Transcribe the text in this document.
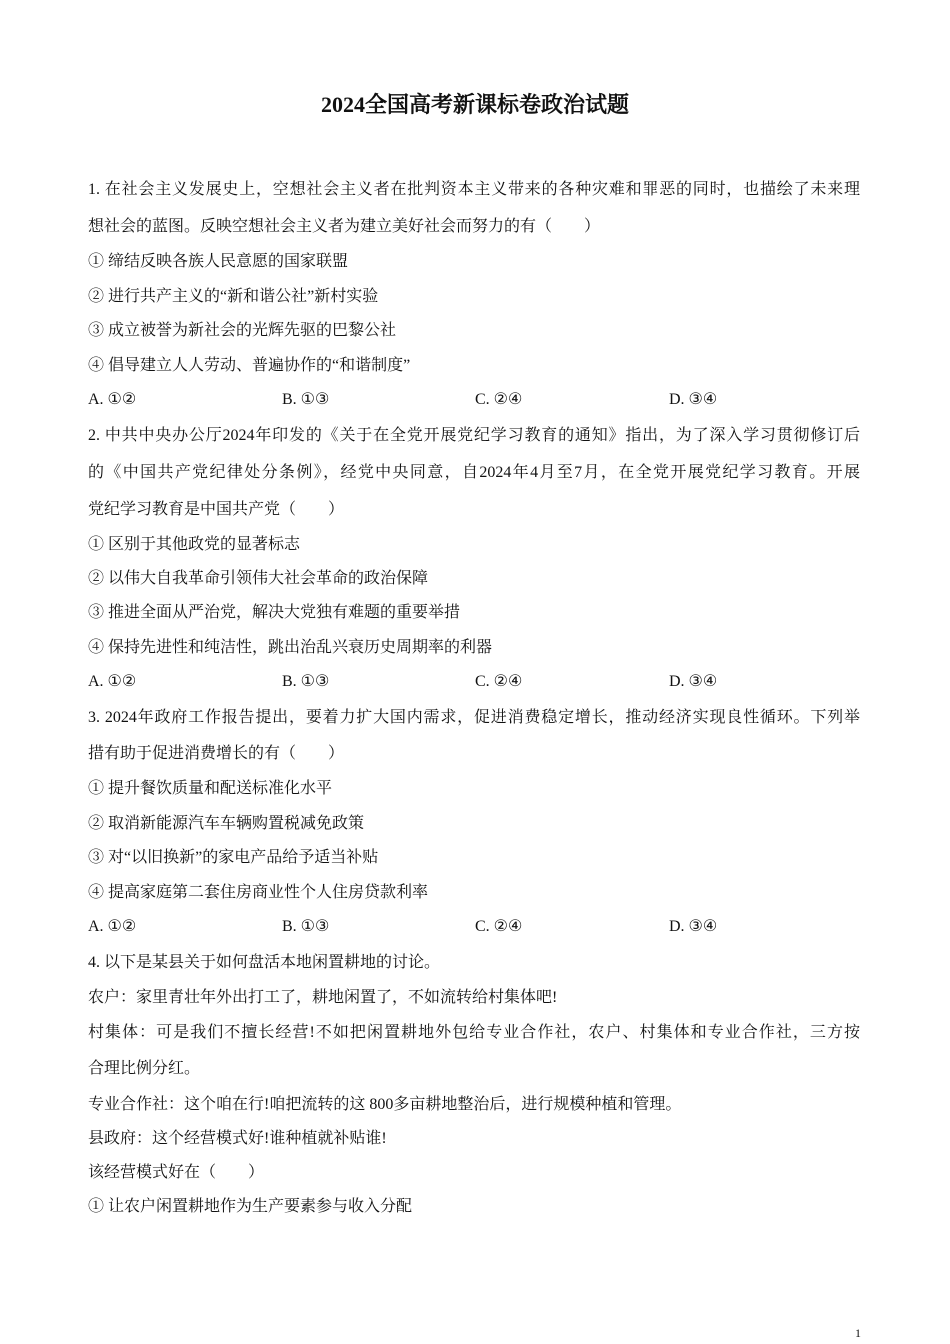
2024全国高考新课标卷政治试题
1. 在社会主义发展史上，空想社会主义者在批判资本主义带来的各种灾难和罪恶的同时，也描绘了未来理
想社会的蓝图。反映空想社会主义者为建立美好社会而努力的有（　　）
① 缔结反映各族人民意愿的国家联盟
② 进行共产主义的“新和谐公社”新村实验
③ 成立被誉为新社会的光辉先驱的巴黎公社
④ 倡导建立人人劳动、普遍协作的“和谐制度”
A. ①②	B. ①③	C. ②④	D. ③④
2. 中共中央办公厅2024年印发的《关于在全党开展党纪学习教育的通知》指出，为了深入学习贯彻修订后
的《中国共产党纪律处分条例》，经党中央同意，自2024年4月至7月，在全党开展党纪学习教育。开展
党纪学习教育是中国共产党（　　）
① 区别于其他政党的显著标志
② 以伟大自我革命引领伟大社会革命的政治保障
③ 推进全面从严治党，解决大党独有难题的重要举措
④ 保持先进性和纯洁性，跳出治乱兴衰历史周期率的利器
A. ①②	B. ①③	C. ②④	D. ③④
3. 2024年政府工作报告提出，要着力扩大国内需求，促进消费稳定增长，推动经济实现良性循环。下列举
措有助于促进消费增长的有（　　）
① 提升餐饮质量和配送标准化水平
② 取消新能源汽车车辆购置税减免政策
③ 对“以旧换新”的家电产品给予适当补贴
④ 提高家庭第二套住房商业性个人住房贷款利率
A. ①②	B. ①③	C. ②④	D. ③④
4. 以下是某县关于如何盘活本地闲置耕地的讨论。
农户：家里青壮年外出打工了，耕地闲置了，不如流转给村集体吧!
村集体：可是我们不擅长经营!不如把闲置耕地外包给专业合作社，农户、村集体和专业合作社，三方按
合理比例分红。
专业合作社：这个咱在行!咱把流转的这 800多亩耕地整治后，进行规模种植和管理。
县政府：这个经营模式好!谁种植就补贴谁!
该经营模式好在（　　）
① 让农户闲置耕地作为生产要素参与收入分配
1
